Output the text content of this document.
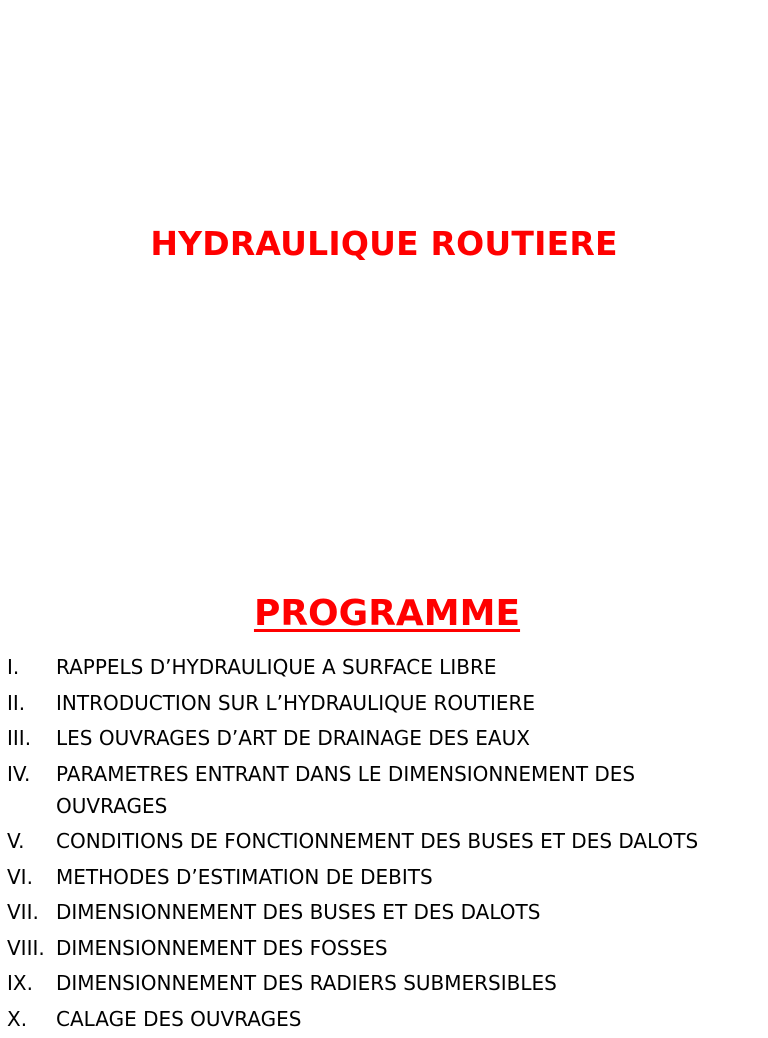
HYDRAULIQUE ROUTIERE
PROGRAMME
I. RAPPELS D’HYDRAULIQUE A SURFACE LIBRE
II. INTRODUCTION SUR L’HYDRAULIQUE ROUTIERE
III. LES OUVRAGES D’ART DE DRAINAGE DES EAUX
IV. PARAMETRES ENTRANT DANS LE DIMENSIONNEMENT DES OUVRAGES
V. CONDITIONS DE FONCTIONNEMENT DES BUSES ET DES DALOTS
VI. METHODES D’ESTIMATION DE DEBITS
VII. DIMENSIONNEMENT DES BUSES ET DES DALOTS
VIII. DIMENSIONNEMENT DES FOSSES
IX. DIMENSIONNEMENT DES RADIERS SUBMERSIBLES
X. CALAGE DES OUVRAGES
